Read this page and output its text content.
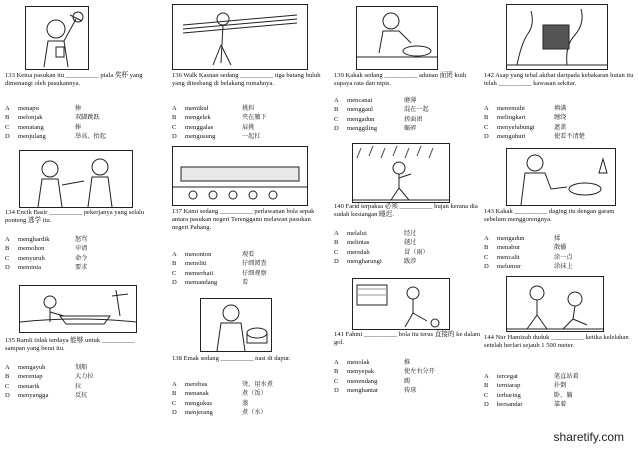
133 Ketua pasukan itu __________ piala 奖杯 yang dimenangi oleh pasukannya.
A	menapu	捧
B	melonjak	双脚跳跃
C	menatang	捧
D	menjulang	举高、抬起
134 Encik Basir __________ pekerjanya yang selalu ponteng 逃学 itu.
A	menghardik	怒骂
B	memohon	申请
C	menyuruh	命令
D	meminta	要求
135 Ramli tidak terdaya 能够 untuk __________ sampan yang berat itu.
A	mengayuh	划船
B	merentap	大力拉
C	menarik	拉
D	menyangga	反抗
136 Walk Kasnan sedang __________ tiga batang buluh yang diteebang di belakang rumahnya.
A	memikul	挑担
B	mengelek	夹在腋下
C	menggalas	肩挑
D	mengusung	一起扛
137 Kami sedang __________ perlawanan bola sepak antara pasukan negeri Terengganu melawan pasukan negeri Pahang.
A	menonton	观看
B	meneliti	仔细阅查
C	memerhati	仔细观察
D	memandang	看
138 Emak sedang __________ nasi di dapur.
A	merebus	烫，用水煮
B	menanak	煮（饭）
C	mengukus	蒸
D	menjerang	煮（水）
139 Kakak sedang __________ adunan 面团 kuih supaya rata dan nipis.
A	mencanai	磨薄
B	menggaul	混在一起
C	mengadun	搓面团
D	menggiling	碾碎
140 Farid terpaksa 必须 __________ hujan kerana dia sudah kesiangan 睡迟.
A	melalui	经过
B	melintas	越过
C	meredah	冒（雨）
D	mengharungi	跋涉
141 Fahmi __________ bola itu terus 直接的 ke dalam gol.
A	menolak	推
B	menyepak	使左右分开
C	menendang	踢
D	menghantar	传球
142 Asap yang tebal akibat daripada kebakaran hutan itu telah __________ kawasan sekitar.
A	menemuhi	填满
B	melingkari	缠绕
C	menyelubungi	遮盖
D	menguburi	使看不清楚
143 Kakak __________ daging itu dengan garam sebelum menggorengnya.
A	mengadun	揉
B	menabur	散播
C	mencalit	涂一点
D	melumur	涂抹上
144 Nur Hamizah duduk __________ ketika kelelahan setelah berlari sejauh 1 500 meter.
A	tercegat	笔直站着
B	terniarap	扑倒
C	terbaring	卧、躺
D	bersandar	靠着
sharetify.com
